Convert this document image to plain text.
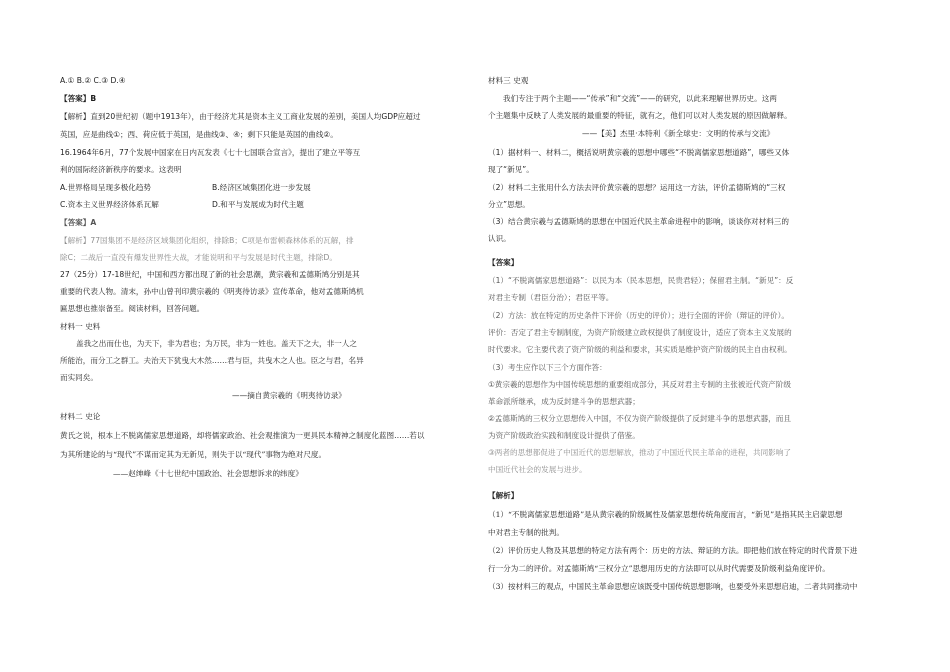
A.① B.② C.③ D.④
【答案】B
【解析】直到20世纪初（题中1913年），由于经济尤其是资本主义工商业发展的差别，美国人均GDP应超过
英国，应是曲线①；西、荷应低于英国，是曲线③、④；剩下只能是英国的曲线②。
16.1964年6月，77个发展中国家在日内瓦发表《七十七国联合宣言》，提出了建立平等互
利的国际经济新秩序的要求。这表明
A.世界格局呈现多极化趋势	B.经济区域集团化进一步发展
C.资本主义世界经济体系瓦解	D.和平与发展成为时代主题
【答案】A
【解析】77国集团不是经济区域集团化组织，排除B；C项是布雷顿森林体系的瓦解，排
除C；二战后一直没有爆发世界性大战，才能说明和平与发展是时代主题，排除D。
27（25分）17-18世纪，中国和西方都出现了新的社会思潮，黄宗羲和孟德斯鸠分别是其
重要的代表人物。清末，孙中山曾刊印黄宗羲的《明夷待访录》宣传革命，他对孟德斯鸠机
匾思想也推崇备至。阅读材料，回答问题。
材料一 史料
盖我之出而仕也，为天下，非为君也；为万民，非为一姓也。盖天下之大，非一人之
所能治，而分工之群工。夫治天下犹曳大木然……君与臣，共曳木之人也。臣之与君，名异
而实同矣。
——摘自黄宗羲的《明夷待访录》
材料二 史论
黄氏之说，根本上不脱离儒家思想道路，却将儒家政治、社会观推演为一更具民本精神之制度化蓝图……若以
为其所建论的与“现代”不谋而定其为无新见，则失于以“现代”事物为绝对尺度。
——赵绅峰《十七世纪中国政治、社会思想诉求的纬度》
材料三 史观
我们专注于两个主题——“传承”和“交流”——的研究，以此来理解世界历史。这两
个主题集中反映了人类发展的最重要的特征，就有之，他们可以对人类发展的原因做解释。
——【美】杰里·本特利《新全球史：文明的传承与交流》
（1）据材料一、材料二，概括说明黄宗羲的思想中哪些“不脱离儒家思想道路”，哪些又体
现了“新见”。
（2）材料二主张用什么方法去评价黄宗羲的思想？运用这一方法，评价孟德斯鸠的“三权
分立”思想。
（3）结合黄宗羲与孟德斯鸠的思想在中国近代民主革命进程中的影响，谈谈你对材料三的
认识。
【答案】
（1）“不脱离儒家思想道路”：以民为本（民本思想，民贵君轻）；保留君主制。“新见”：反
对君主专制（君臣分治）；君臣平等。
（2）方法：放在特定的历史条件下评价（历史的评价）；进行全面的评价（辩证的评价）。
评价：否定了君主专制制度，为资产阶级建立政权提供了制度设计，适应了资本主义发展的
时代要求。它主要代表了资产阶级的利益和要求，其实质是维护资产阶级的民主自由权利。
（3）考生应作以下三个方面作答：
①黄宗羲的思想作为中国传统思想的重要组成部分，其反对君主专制的主张被近代资产阶级
革命派所继承，成为反封建斗争的思想武器；
②孟德斯鸠的三权分立思想传入中国，不仅为资产阶级提供了反封建斗争的思想武器，而且
为资产阶级政治实践和制度设计提供了借鉴。
③两者的思想都促进了中国近代的思想解放，推动了中国近代民主革命的进程，共同影响了
中国近代社会的发展与进步。
【解析】
（1）“不脱离儒家思想道路”是从黄宗羲的阶级属性及儒家思想传统角度而言，“新见”是指其民主启蒙思想
中对君主专制的批判。
（2）评价历史人物及其思想的特定方法有两个：历史的方法、辩证的方法。即把他们放在特定的时代背景下进
行一分为二的评价。对孟德斯鸠“三权分立”思想用历史的方法即可以从时代需要及阶级利益角度评价。
（3）按材料三的观点，中国民主革命思想应该既受中国传统思想影响，也要受外来思想启迪，二者共同推动中
